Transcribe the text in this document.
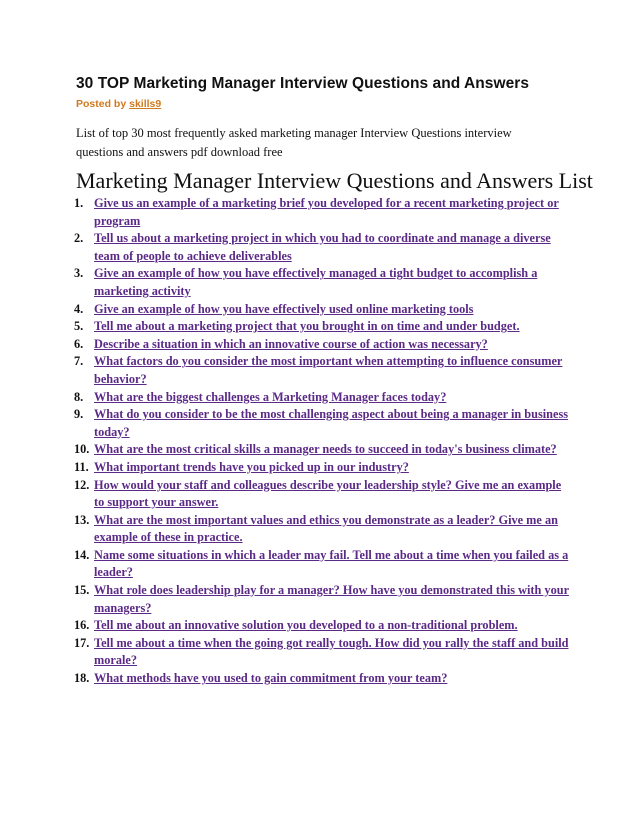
30 TOP Marketing Manager Interview Questions and Answers
Posted by skills9
List of top 30 most frequently asked marketing manager Interview Questions interview questions and answers pdf download free
Marketing Manager Interview Questions and Answers List
1. Give us an example of a marketing brief you developed for a recent marketing project or program
2. Tell us about a marketing project in which you had to coordinate and manage a diverse team of people to achieve deliverables
3. Give an example of how you have effectively managed a tight budget to accomplish a marketing activity
4. Give an example of how you have effectively used online marketing tools
5. Tell me about a marketing project that you brought in on time and under budget.
6. Describe a situation in which an innovative course of action was necessary?
7. What factors do you consider the most important when attempting to influence consumer behavior?
8. What are the biggest challenges a Marketing Manager faces today?
9. What do you consider to be the most challenging aspect about being a manager in business today?
10. What are the most critical skills a manager needs to succeed in today's business climate?
11. What important trends have you picked up in our industry?
12. How would your staff and colleagues describe your leadership style? Give me an example to support your answer.
13. What are the most important values and ethics you demonstrate as a leader? Give me an example of these in practice.
14. Name some situations in which a leader may fail. Tell me about a time when you failed as a leader?
15. What role does leadership play for a manager? How have you demonstrated this with your managers?
16. Tell me about an innovative solution you developed to a non-traditional problem.
17. Tell me about a time when the going got really tough. How did you rally the staff and build morale?
18. What methods have you used to gain commitment from your team?
